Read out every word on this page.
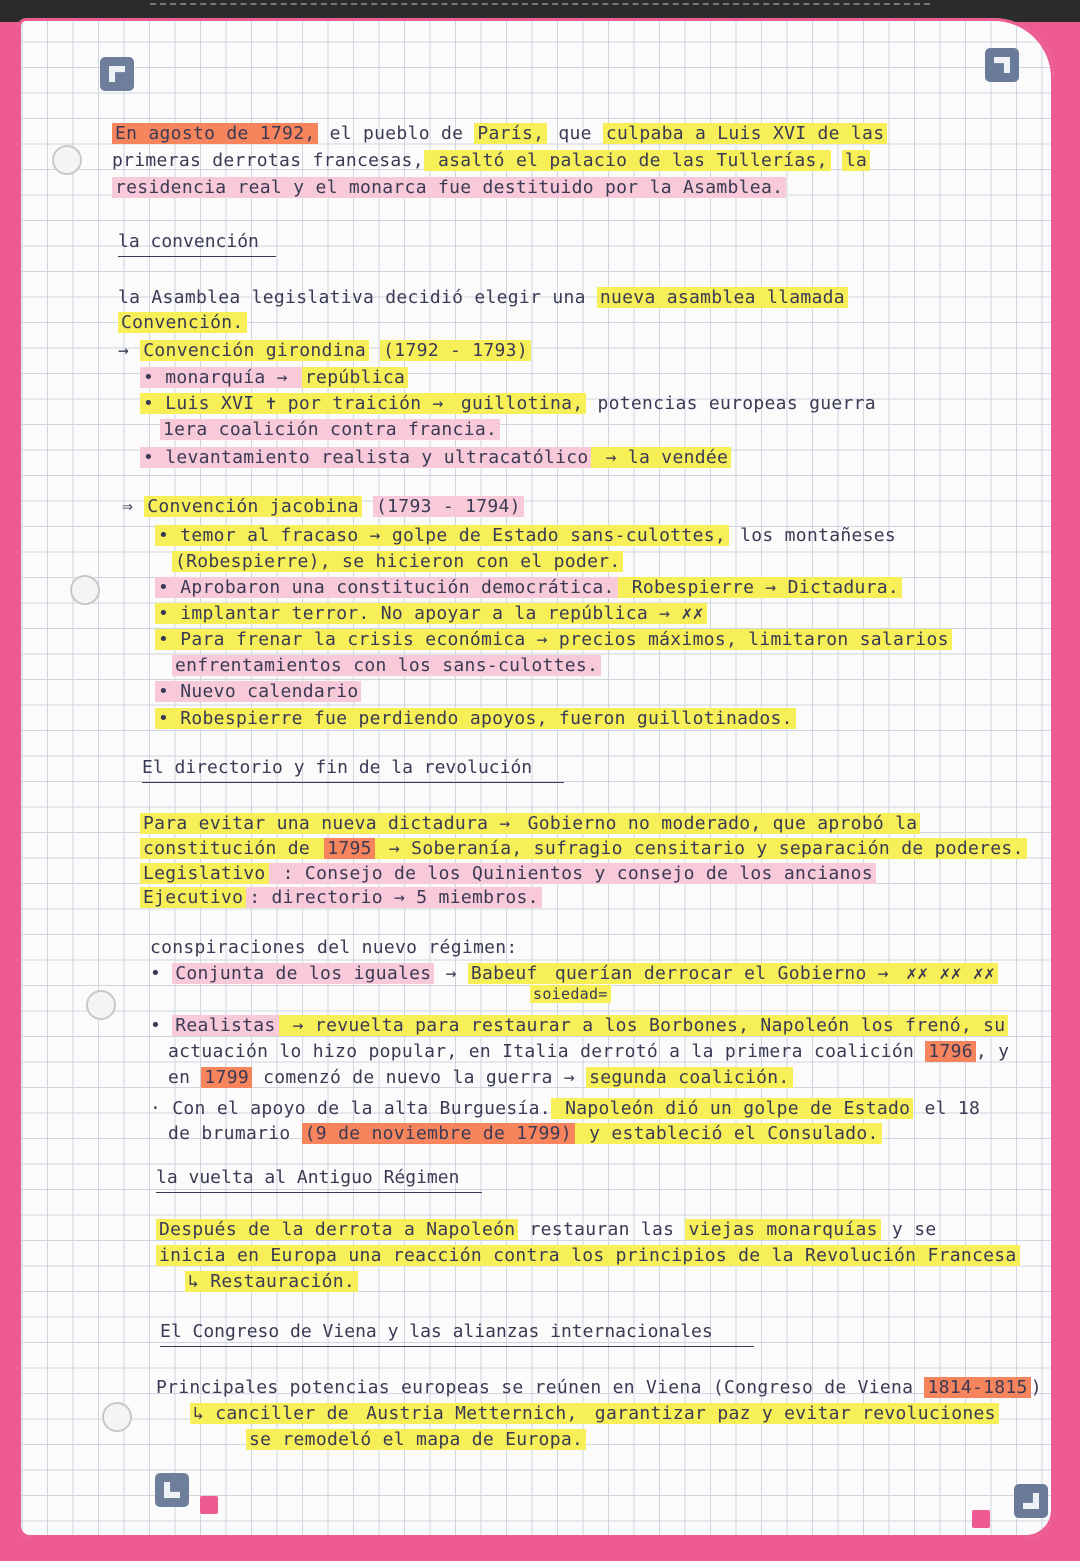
En agosto de 1792, el pueblo de París, que culpaba a Luis XVI de las
primeras derrotas francesas, asaltó el palacio de las Tullerías, la
residencia real y el monarca fue destituido por la Asamblea.
la convención
la Asamblea legislativa decidió elegir una nueva asamblea llamada
Convención.
→ Convención girondina (1792 - 1793)
• monarquía → república
• Luis XVI ✝ por traición → guillotina, potencias europeas guerra
1era coalición contra francia.
• levantamiento realista y ultracatólico → la vendée
⇒ Convención jacobina (1793 - 1794)
• temor al fracaso → golpe de Estado sans-culottes, los montañeses
(Robespierre), se hicieron con el poder.
• Aprobaron una constitución democrática. Robespierre → Dictadura.
• implantar terror. No apoyar a la república → ✗✗
• Para frenar la crisis económica → precios máximos, limitaron salarios
enfrentamientos con los sans-culottes.
• Nuevo calendario
• Robespierre fue perdiendo apoyos, fueron guillotinados.
El directorio y fin de la revolución
Para evitar una nueva dictadura → Gobierno no moderado, que aprobó la
constitución de 1795 → Soberanía, sufragio censitario y separación de poderes.
Legislativo : Consejo de los Quinientos y consejo de los ancianos
Ejecutivo : directorio → 5 miembros.
conspiraciones del nuevo régimen:
• Conjunta de los iguales → Babeuf querían derrocar el Gobierno → ✗✗ ✗✗ ✗✗
soiedad=
• Realistas → revuelta para restaurar a los Borbones, Napoleón los frenó, su
actuación lo hizo popular, en Italia derrotó a la primera coalición 1796 , y
en 1799 comenzó de nuevo la guerra → segunda coalición.
· Con el apoyo de la alta Burguesía. Napoleón dió un golpe de Estado el 18
de brumario (9 de noviembre de 1799) y estableció el Consulado.
la vuelta al Antiguo Régimen
Después de la derrota a Napoleón restauran las viejas monarquías y se
inicia en Europa una reacción contra los principios de la Revolución Francesa
↳ Restauración.
El Congreso de Viena y las alianzas internacionales
Principales potencias europeas se reúnen en Viena (Congreso de Viena 1814-1815 )
↳ canciller de Austria Metternich, garantizar paz y evitar revoluciones
se remodeló el mapa de Europa.
